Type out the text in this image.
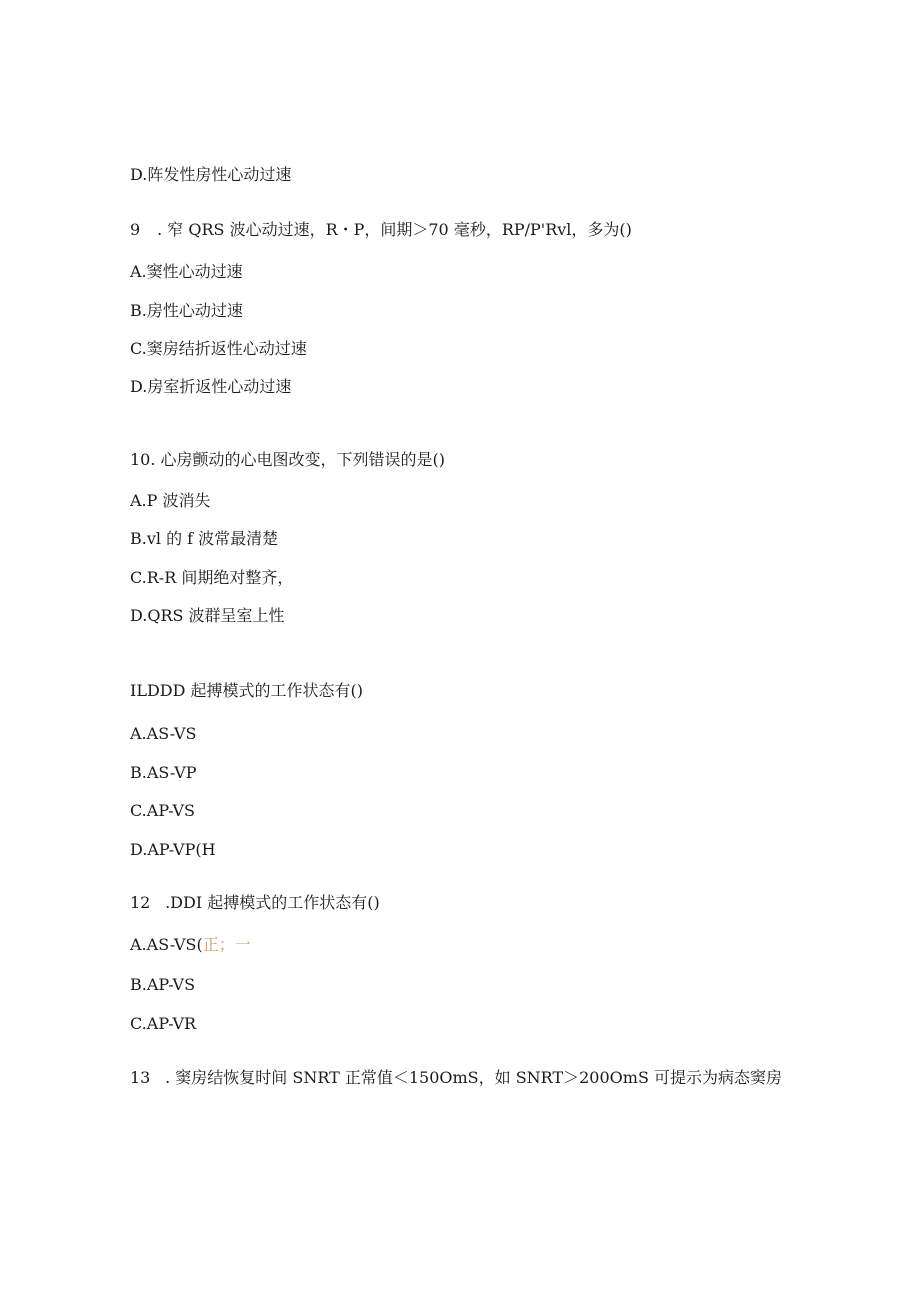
D.阵发性房性心动过速
9 . 窄 QRS 波心动过速，R・P，间期＞70 毫秒，RP/P'Rvl，多为()
A.窦性心动过速
B.房性心动过速
C.窦房结折返性心动过速
D.房室折返性心动过速
10. 心房颤动的心电图改变，下列错误的是()
A.P 波消失
B.vl 的 f 波常最清楚
C.R-R 间期绝对整齐，
D.QRS 波群呈室上性
ILDDD 起搏模式的工作状态有()
A.AS-VS
B.AS-VP
C.AP-VS
D.AP-VP(H
12 .DDI 起搏模式的工作状态有()
A.AS-VS(正；一
B.AP-VS
C.AP-VR
13 . 窦房结恢复时间 SNRT 正常值＜150OmS，如 SNRT＞200OmS 可提示为病态窦房
